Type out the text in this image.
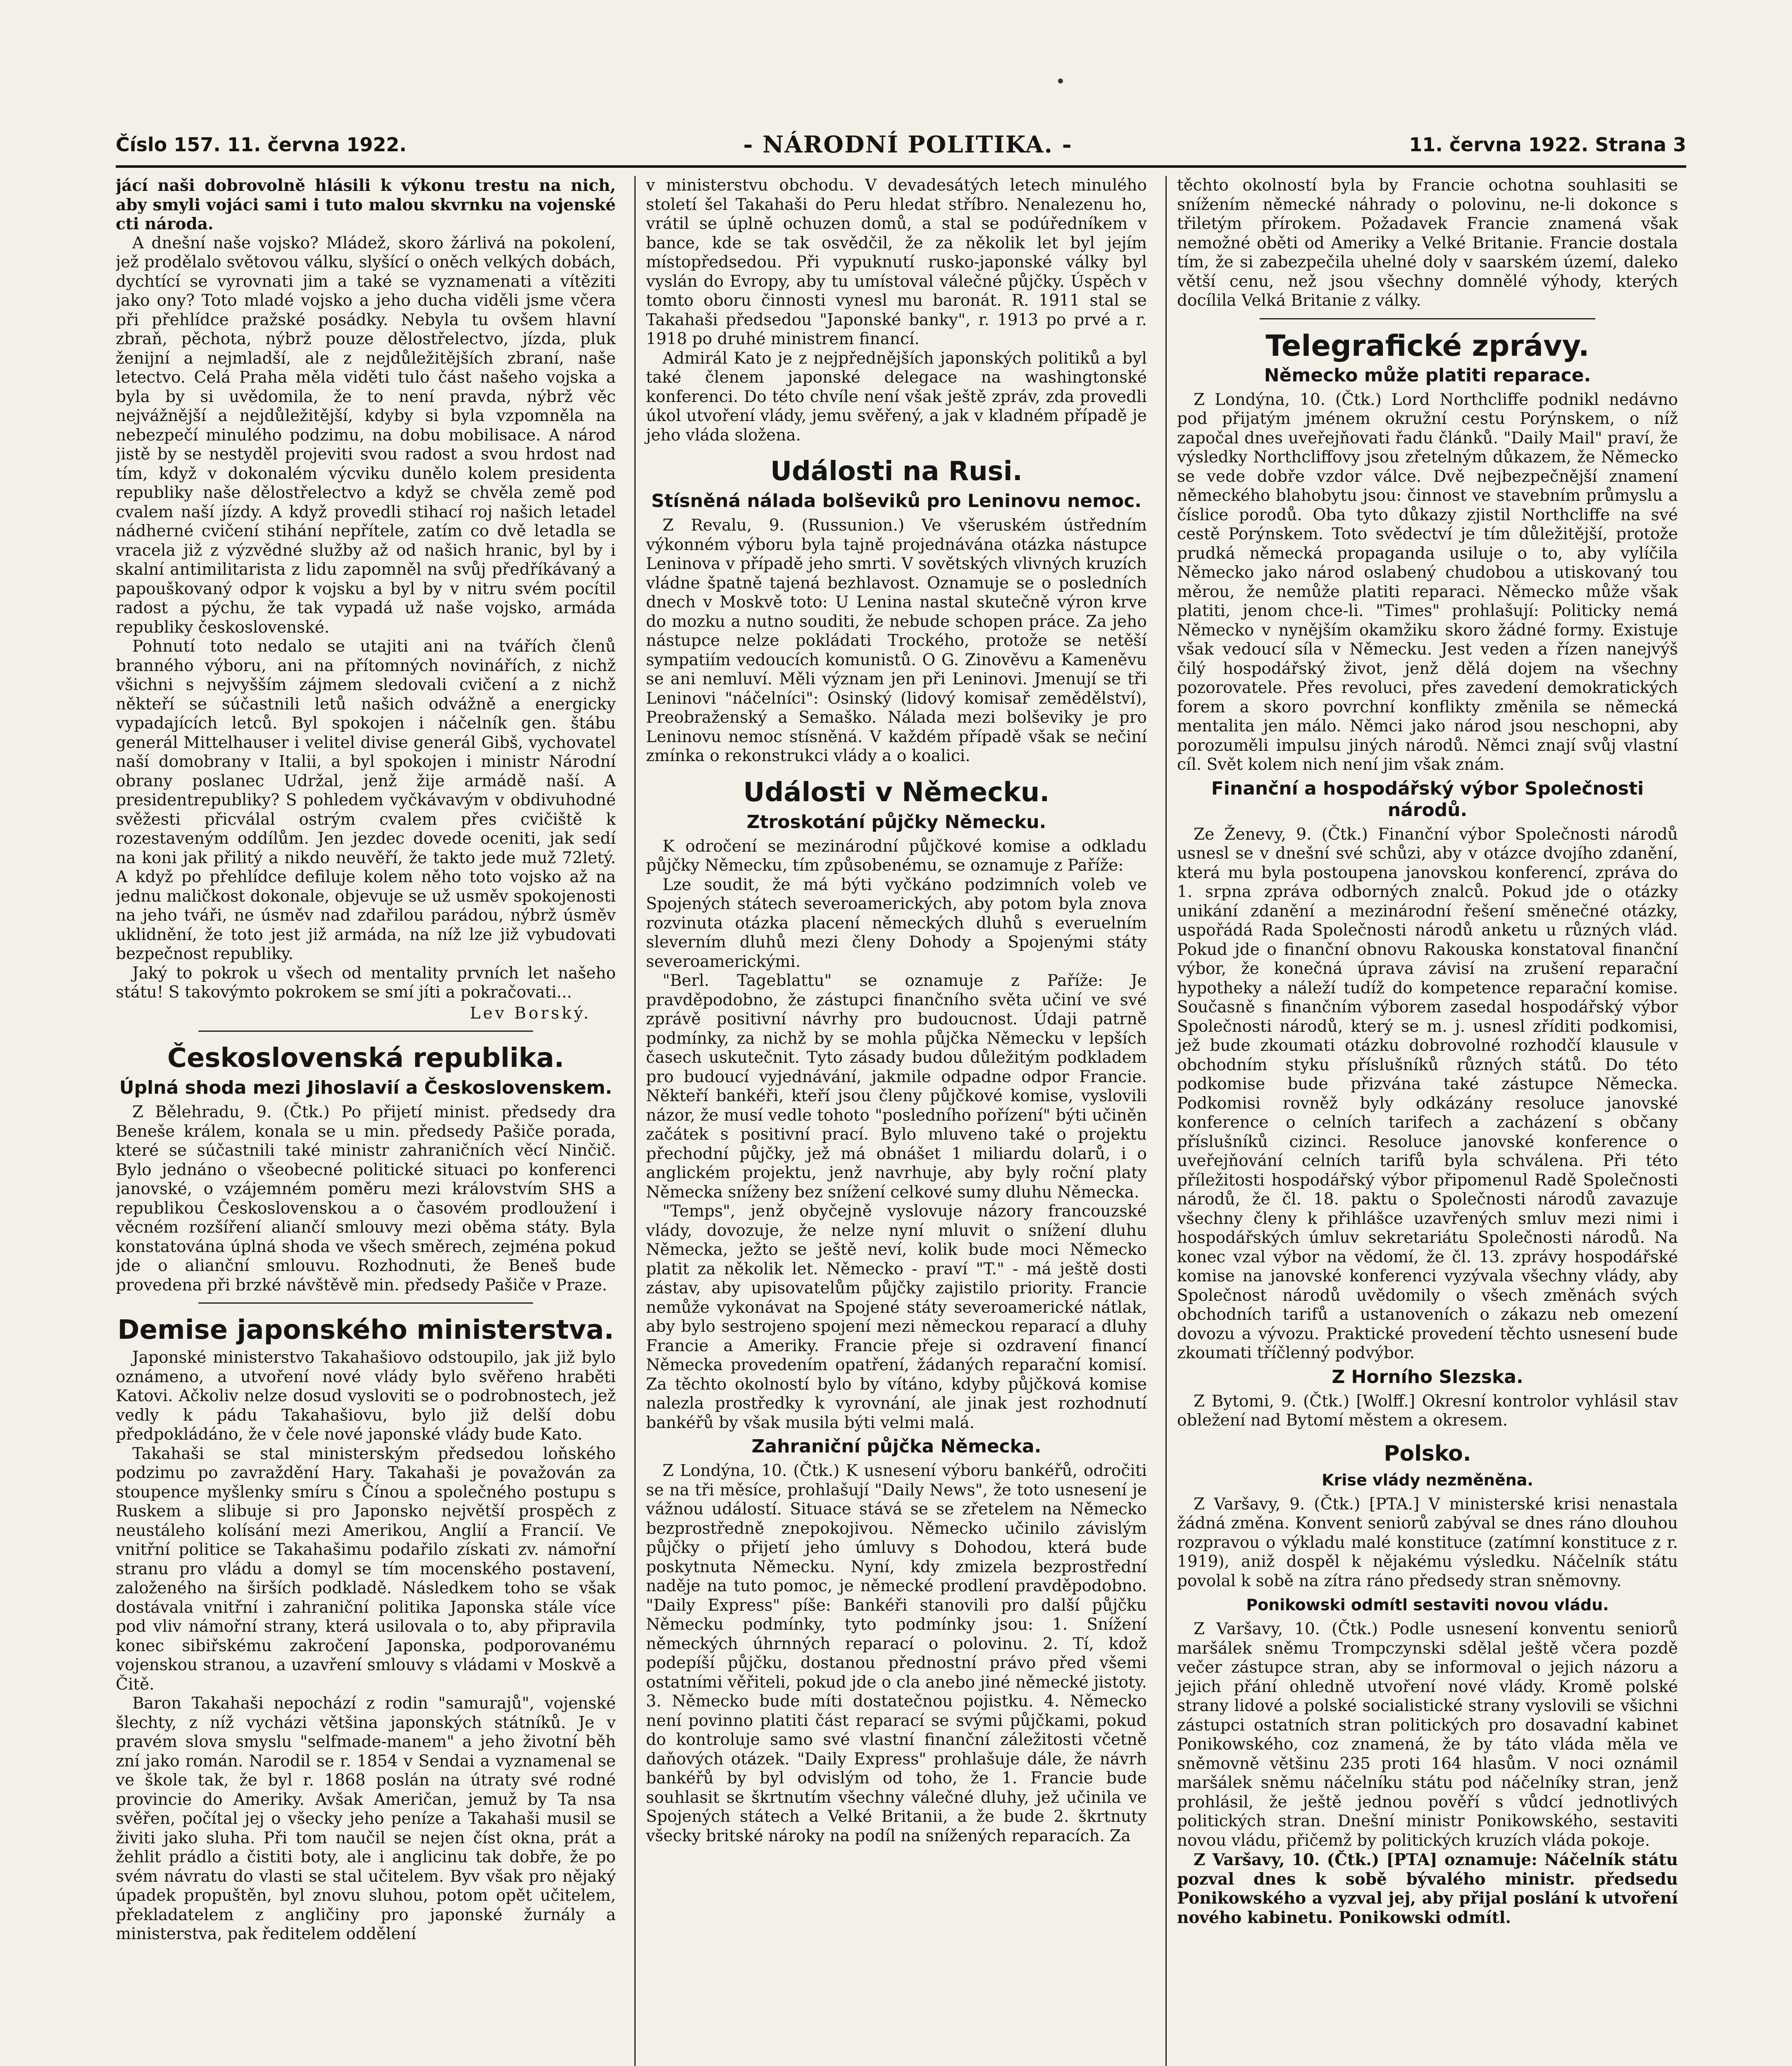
Číslo 157. 11. června 1922.	- NÁRODNÍ POLITIKA. -	11. června 1922. Strana 3

jácí naši dobrovolně hlásili k výkonu trestu na nich, aby smyli vojáci sami i tuto malou skvrnku na vojenské cti národa.

A dnešní naše vojsko? Mládež, skoro žárlivá na pokolení, jež prodělalo světovou válku, slyšící o oněch velkých dobách, dychtící se vyrovnati jim a také se vyznamenati a vítěziti jako ony? Toto mladé vojsko a jeho ducha viděli jsme včera při přehlídce pražské posádky. Nebyla tu ovšem hlavní zbraň, pěchota, nýbrž pouze dělostřelectvo, jízda, pluk ženijní a nejmladší, ale z nejdůležitějších zbraní, naše letectvo. Celá Praha měla viděti tulo část našeho vojska a byla by si uvědomila, že to není pravda, nýbrž věc nejvážnější a nejdůležitější, kdyby si byla vzpomněla na nebezpečí minulého podzimu, na dobu mobilisace. A národ jistě by se nestyděl projeviti svou radost a svou hrdost nad tím, když v dokonalém výcviku dunělo kolem presidenta republiky naše dělostřelectvo a když se chvěla země pod cvalem naší jízdy. A když provedli stihací roj našich letadel nádherné cvičení stihání nepřítele, zatím co dvě letadla se vracela již z výzvědné služby až od našich hranic, byl by i skalní antimilitarista z lidu zapomněl na svůj předříkávaný a papouškovaný odpor k vojsku a byl by v nitru svém pocítil radost a pýchu, že tak vypadá už naše vojsko, armáda republiky československé.

Pohnutí toto nedalo se utajiti ani na tvářích členů branného výboru, ani na přítomných novinářích, z nichž všichni s nejvyšším zájmem sledovali cvičení a z nichž někteří se súčastnili letů našich odvážně a energicky vypadajících letců. Byl spokojen i náčelník gen. štábu generál Mittelhauser i velitel divise generál Gibš, vychovatel naší domobrany v Italii, a byl spokojen i ministr Národní obrany poslanec Udržal, jenž žije armádě naší. A presidentrepubliky? S pohledem vyčkávavým v obdivuhodné svěžesti přicválal ostrým cvalem přes cvičiště k rozestaveným oddílům. Jen jezdec dovede oceniti, jak sedí na koni jak přilitý a nikdo neuvěří, že takto jede muž 72letý. A když po přehlídce defiluje kolem něho toto vojsko až na jednu maličkost dokonale, objevuje se už usměv spokojenosti na jeho tváři, ne úsměv nad zdařilou parádou, nýbrž úsměv uklidnění, že toto jest již armáda, na níž lze již vybudovati bezpečnost republiky.

Jaký to pokrok u všech od mentality prvních let našeho státu! S takovýmto pokrokem se smí jíti a pokračovati...

Lev Borský.
Československá republika.
Úplná shoda mezi Jihoslavií a Československem.

Z Bělehradu, 9. (Čtk.) Po přijetí minist. předsedy dra Beneše králem, konala se u min. předsedy Pašiče porada, které se súčastnili také ministr zahraničních věcí Ninčič. Bylo jednáno o všeobecné politické situaci po konferenci janovské, o vzájemném poměru mezi královstvím SHS a republikou Československou a o časovém prodloužení i věcném rozšíření aliančí smlouvy mezi oběma státy. Byla konstatována úplná shoda ve všech směrech, zejména pokud jde o alianční smlouvu. Rozhodnuti, že Beneš bude provedena při brzké návštěvě min. předsedy Pašiče v Praze.

Demise japonského ministerstva.

Japonské ministerstvo Takahašiovo odstoupilo, jak již bylo oznámeno, a utvoření nové vlády bylo svěřeno hraběti Katovi. Ačkoliv nelze dosud vysloviti se o podrobnostech, jež vedly k pádu Takahašiovu, bylo již delší dobu předpokládáno, že v čele nové japonské vlády bude Kato.

Takahaši se stal ministerským předsedou loňského podzimu po zavraždění Hary. Takahaši je považován za stoupence myšlenky smíru s Čínou a společného postupu s Ruskem a slibuje si pro Japonsko největší prospěch z neustáleho kolísání mezi Amerikou, Anglií a Francií. Ve vnitřní politice se Takahašimu podařilo získati zv. námořní stranu pro vládu a domyl se tím mocenského postavení, založeného na širších podkladě. Následkem toho se však dostávala vnitřní i zahraniční politika Japonska stále více pod vliv námořní strany, která usilovala o to, aby připravila konec sibiřskému zakročení Japonska, podporovanému vojenskou stranou, a uzavření smlouvy s vládami v Moskvě a Čitě.

Baron Takahaši nepochází z rodin "samurajů", vojenské šlechty, z níž vycházi většina japonských státníků. Je v pravém slova smyslu "selfmade-manem" a jeho životní běh zní jako román. Narodil se r. 1854 v Sendai a vyznamenal se ve škole tak, že byl r. 1868 poslán na útraty své rodné provincie do Ameriky. Avšak Američan, jemuž by Ta nsa svěřen, počítal jej o všecky jeho peníze a Takahaši musil se živiti jako sluha. Při tom naučil se nejen číst okna, prát a žehlit prádlo a čistiti boty, ale i anglicinu tak dobře, že po svém návratu do vlasti se stal učitelem. Byv však pro nějaký úpadek propuštěn, byl znovu sluhou, potom opět učitelem, překladatelem z angličiny pro japonské žurnály a ministerstva, pak ředitelem oddělení

v ministerstvu obchodu. V devadesátých letech minulého století šel Takahaši do Peru hledat stříbro. Nenalezenu ho, vrátil se úplně ochuzen domů, a stal se podúředníkem v bance, kde se tak osvědčil, že za několik let byl jejím místopředsedou. Při vypuknutí rusko-japonské války byl vyslán do Evropy, aby tu umístoval válečné půjčky. Úspěch v tomto oboru činnosti vynesl mu baronát. R. 1911 stal se Takahaši předsedou "Japonské banky", r. 1913 po prvé a r. 1918 po druhé ministrem financí.

Admirál Kato je z nejpřednějších japonských politiků a byl také členem japonské delegace na washingtonské konferenci. Do této chvíle není však ještě zpráv, zda provedli úkol utvoření vlády, jemu svěřený, a jak v kladném případě je jeho vláda složena.

Události na Rusi.
Stísněná nálada bolševiků pro Leninovu nemoc.

Z Revalu, 9. (Russunion.) Ve všeruském ústředním výkonném výboru byla tajně projednávána otázka nástupce Leninova v případě jeho smrti. V sovětských vlivných kruzích vládne špatně tajená bezhlavost. Oznamuje se o posledních dnech v Moskvě toto: U Lenina nastal skutečně výron krve do mozku a nutno souditi, že nebude schopen práce. Za jeho nástupce nelze pokládati Trockého, protože se netěší sympatiím vedoucích komunistů. O G. Zinověvu a Kameněvu se ani nemluví. Měli význam jen při Leninovi. Jmenují se tři Leninovi "náčelníci": Osinský (lidový komisař zemědělství), Preobraženský a Semaško. Nálada mezi bolševiky je pro Leninovu nemoc stísněná. V každém případě však se nečiní zmínka o rekonstrukci vlády a o koalici.

Události v Německu.
Ztroskotání půjčky Německu.

K odročení se mezinárodní půjčkové komise a odkladu půjčky Německu, tím způsobenému, se oznamuje z Paříže:

Lze soudit, že má býti vyčkáno podzimních voleb ve Spojených státech severoamerických, aby potom byla znova rozvinuta otázka placení německých dluhů s everuelním sleverním dluhů mezi členy Dohody a Spojenými státy severoamerickými.

"Berl. Tageblattu" se oznamuje z Paříže: Je pravděpodobno, že zástupci finančního světa učiní ve své zprávě positivní návrhy pro budoucnost. Údaji patrně podmínky, za nichž by se mohla půjčka Německu v lepších časech uskutečnit. Tyto zásady budou důležitým podkladem pro budoucí vyjednávání, jakmile odpadne odpor Francie. Někteří bankéři, kteří jsou členy půjčkové komise, vyslovili názor, že musí vedle tohoto "posledního pořízení" býti učiněn začátek s positivní prací. Bylo mluveno také o projektu přechodní půjčky, jež má obnášet 1 miliardu dolarů, i o anglickém projektu, jenž navrhuje, aby byly roční platy Německa sníženy bez snížení celkové sumy dluhu Německa.

"Temps", jenž obyčejně vyslovuje názory francouzské vlády, dovozuje, že nelze nyní mluvit o snížení dluhu Německa, ježto se ještě neví, kolik bude moci Německo platit za několik let. Německo - praví "T." - má ještě dosti zástav, aby upisovatelům půjčky zajistilo priority. Francie nemůže vykonávat na Spojené státy severoamerické nátlak, aby bylo sestrojeno spojení mezi německou reparací a dluhy Francie a Ameriky. Francie přeje si ozdravení financí Německa provedením opatření, žádaných reparační komisí. Za těchto okolností bylo by vítáno, kdyby půjčková komise nalezla prostředky k vyrovnání, ale jinak jest rozhodnutí bankéřů by však musila býti velmi malá.

Zahraniční půjčka Německa.

Z Londýna, 10. (Čtk.) K usnesení výboru bankéřů, odročiti se na tři měsíce, prohlašují "Daily News", že toto usnesení je vážnou událostí. Situace stává se se zřetelem na Německo bezprostředně znepokojivou. Německo učinilo závislým půjčky o přijetí jeho úmluvy s Dohodou, která bude poskytnuta Německu. Nyní, kdy zmizela bezprostřední naděje na tuto pomoc, je německé prodlení pravděpodobno. "Daily Express" píše: Bankéři stanovili pro další půjčku Německu podmínky, tyto podmínky jsou: 1. Snížení německých úhrnných reparací o polovinu. 2. Tí, kdož podepíší půjčku, dostanou přednostní právo před všemi ostatními věřiteli, pokud jde o cla anebo jiné německé jistoty. 3. Německo bude míti dostatečnou pojistku. 4. Německo není povinno platiti část reparací se svými půjčkami, pokud do kontroluje samo své vlastní finanční záležitosti včetně daňových otázek. "Daily Express" prohlašuje dále, že návrh bankéřů by byl odvislým od toho, že 1. Francie bude souhlasit se škrtnutím všechny válečné dluhy, jež učinila ve Spojených státech a Velké Britanii, a že bude 2. škrtnuty všecky britské nároky na podíl na snížených reparacích. Za

těchto okolností byla by Francie ochotna souhlasiti se snížením německé náhrady o polovinu, ne-li dokonce s třiletým přírokem. Požadavek Francie znamená však nemožné oběti od Ameriky a Velké Britanie. Francie dostala tím, že si zabezpečila uhelné doly v saarském území, daleko větší cenu, než jsou všechny domnělé výhody, kterých docílila Velká Britanie z války.

Telegrafické zprávy.
Německo může platiti reparace.

Z Londýna, 10. (Čtk.) Lord Northcliffe podnikl nedávno pod přijatým jménem okružní cestu Porýnskem, o níž započal dnes uveřejňovati řadu článků. "Daily Mail" praví, že výsledky Northcliffovy jsou zřetelným důkazem, že Německo se vede dobře vzdor válce. Dvě nejbezpečnější znamení německého blahobytu jsou: činnost ve stavebním průmyslu a číslice porodů. Oba tyto důkazy zjistil Northcliffe na své cestě Porýnskem. Toto svědectví je tím důležitější, protože prudká německá propaganda usiluje o to, aby vylíčila Německo jako národ oslabený chudobou a utiskovaný tou měrou, že nemůže platiti reparaci. Německo může však platiti, jenom chce-li. "Times" prohlašují: Politicky nemá Německo v nynějším okamžiku skoro žádné formy. Existuje však vedoucí síla v Německu. Jest veden a řízen nanejvýš čilý hospodářský život, jenž dělá dojem na všechny pozorovatele. Přes revoluci, přes zavedení demokratických forem a skoro povrchní konflikty změnila se německá mentalita jen málo. Němci jako národ jsou neschopni, aby porozuměli impulsu jiných národů. Němci znají svůj vlastní cíl. Svět kolem nich není jim však znám.

Finanční a hospodářský výbor Společnosti národů.

Ze Ženevy, 9. (Čtk.) Finanční výbor Společnosti národů usnesl se v dnešní své schůzi, aby v otázce dvojího zdanění, která mu byla postoupena janovskou konferencí, zpráva do 1. srpna zpráva odborných znalců. Pokud jde o otázky unikání zdanění a mezinárodní řešení směnečné otázky, uspořádá Rada Společnosti národů anketu u různých vlád. Pokud jde o finanční obnovu Rakouska konstatoval finanční výbor, že konečná úprava závisí na zrušení reparační hypotheky a náleží tudíž do kompetence reparační komise. Současně s finančním výborem zasedal hospodářský výbor Společnosti národů, který se m. j. usnesl zříditi podkomisi, jež bude zkoumati otázku dobrovolné rozhodčí klausule v obchodním styku příslušníků různých států. Do této podkomise bude přizvána také zástupce Německa. Podkomisi rovněž byly odkázány resoluce janovské konference o celních tarifech a zacházení s občany příslušníků cizinci. Resoluce janovské konference o uveřejňování celních tarifů byla schválena. Při této příležitosti hospodářský výbor připomenul Radě Společnosti národů, že čl. 18. paktu o Společnosti národů zavazuje všechny členy k přihlášce uzavřených smluv mezi nimi i hospodářských úmluv sekretariátu Společnosti národů. Na konec vzal výbor na vědomí, že čl. 13. zprávy hospodářské komise na janovské konferenci vyzývala všechny vlády, aby Společnost národů uvědomily o všech změnách svých obchodních tarifů a ustanoveních o zákazu neb omezení dovozu a vývozu. Praktické provedení těchto usnesení bude zkoumati tříčlenný podvýbor.

Z Horního Slezska.

Z Bytomi, 9. (Čtk.) [Wolff.] Okresní kontrolor vyhlásil stav obležení nad Bytomí městem a okresem.

Polsko.
Krise vlády nezměněna.

Z Varšavy, 9. (Čtk.) [PTA.] V ministerské krisi nenastala žádná změna. Konvent seniorů zabýval se dnes ráno dlouhou rozpravou o výkladu malé konstituce (zatímní konstituce z r. 1919), aniž dospěl k nějakému výsledku. Náčelník státu povolal k sobě na zítra ráno předsedy stran sněmovny.

Ponikowski odmítl sestaviti novou vládu.

Z Varšavy, 10. (Čtk.) Podle usnesení konventu seniorů maršálek sněmu Trompczynski sdělal ještě včera pozdě večer zástupce stran, aby se informoval o jejich názoru a jejich přání ohledně utvoření nové vlády. Kromě polské strany lidové a polské socialistické strany vyslovili se všichni zástupci ostatních stran politických pro dosavadní kabinet Ponikowského, coz znamená, že by táto vláda měla ve sněmovně většinu 235 proti 164 hlasům. V noci oznámil maršálek sněmu náčelníku státu pod náčelníky stran, jenž prohlásil, že ještě jednou pověří s vůdcí jednotlivých politických stran. Dnešní ministr Ponikowského, sestaviti novou vládu, přičemž by politických kruzích vláda pokoje.

Z Varšavy, 10. (Čtk.) [PTA] oznamuje: Náčelník státu pozval dnes k sobě bývalého ministr. předsedu Ponikowského a vyzval jej, aby přijal poslání k utvoření nového kabinetu. Ponikowski odmítl.
